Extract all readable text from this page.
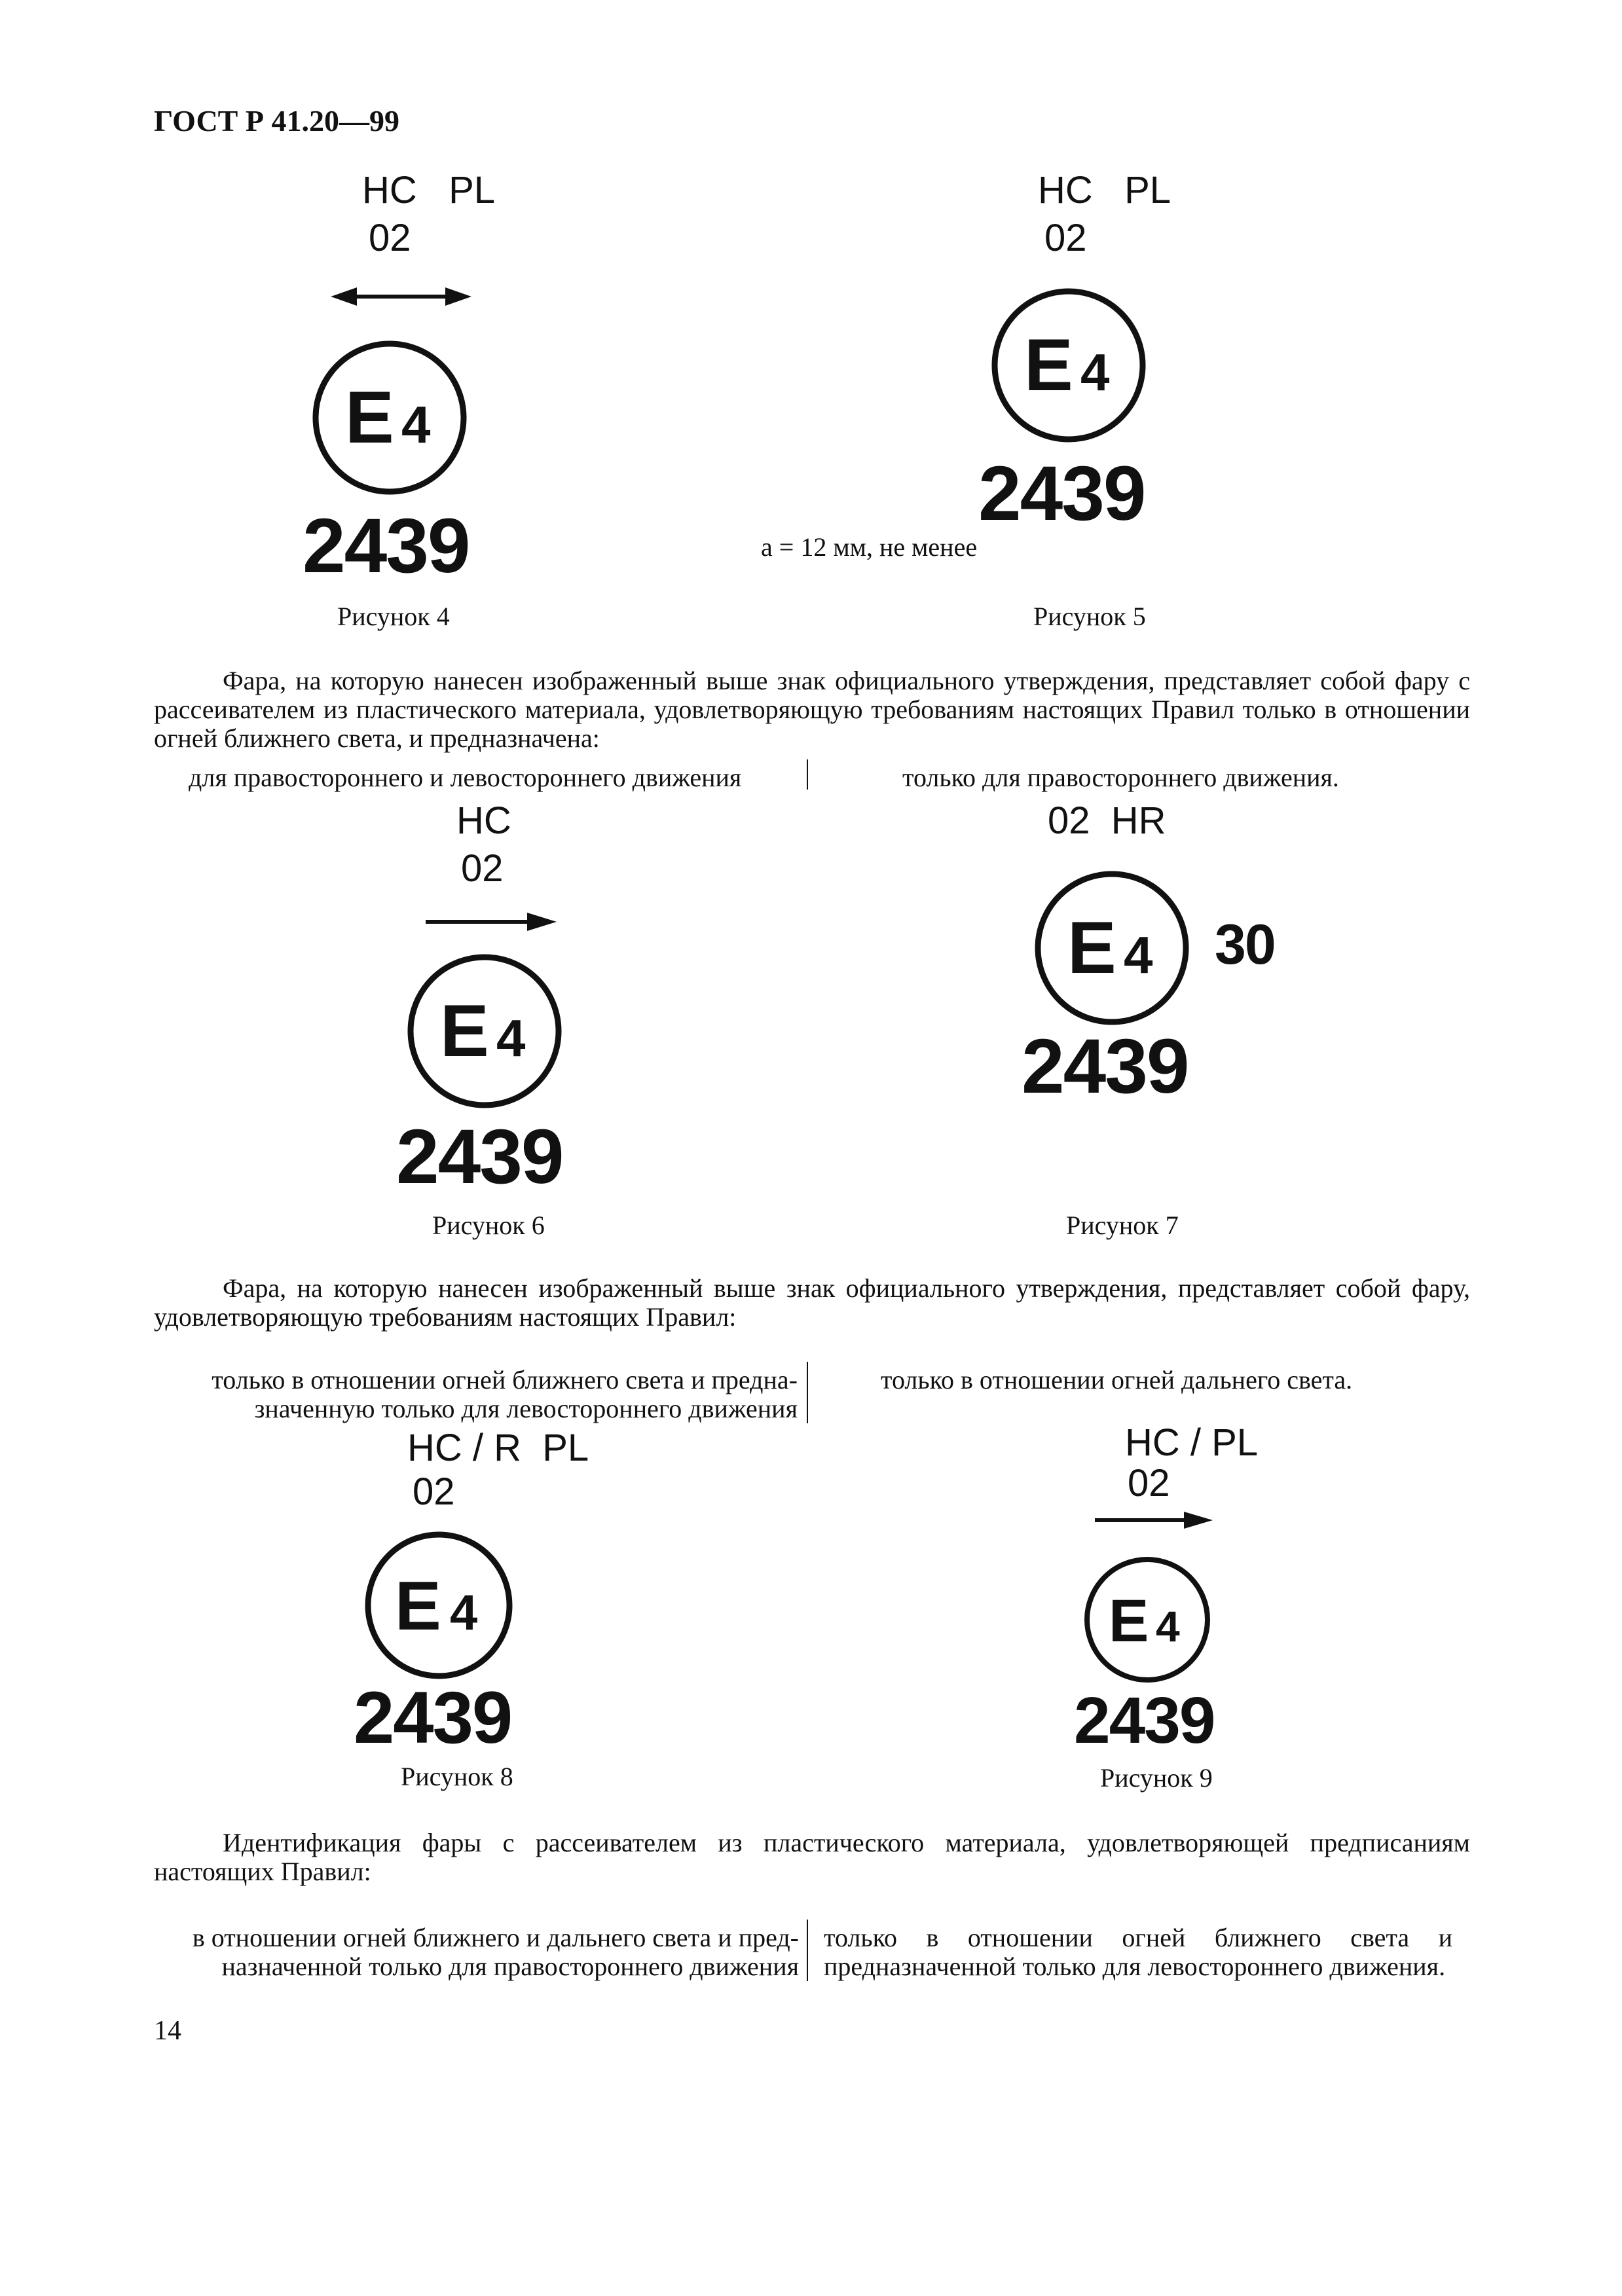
ГОСТ Р 41.20—99
HC   PL
02
E 4
2439
Рисунок 4
HC   PL
02
E 4
2439
a = 12 мм, не менее
Рисунок 5

Фара, на которую нанесен изображенный выше знак официального утверждения, представляет собой фару с рассеивателем из пластического материала, удовлетворяющую требованиям настоящих Правил только в отношении огней ближнего света, и предназначена:

для правостороннего и левостороннего движения	только для правостороннего движения.
HC
02
E 4
2439
Рисунок 6
02  HR
E 4 30
2439
Рисунок 7

Фара, на которую нанесен изображенный выше знак официального утверждения, представляет собой фару, удовлетворяющую требованиям настоящих Правил:

только в отношении огней ближнего света и предна-значенную только для левостороннего движения
только в отношении огней дальнего света.
HC / R  PL
02
E 4
2439
Рисунок 8
HC / PL
02
E 4
2439
Рисунок 9

Идентификация фары с рассеивателем из пластического материала, удовлетворяющей предписаниям настоящих Правил:

в отношении огней ближнего и дальнего света и пред-назначенной только для правостороннего движения
только в отношении огней ближнего света и предназначенной только для левостороннего движения.
14
